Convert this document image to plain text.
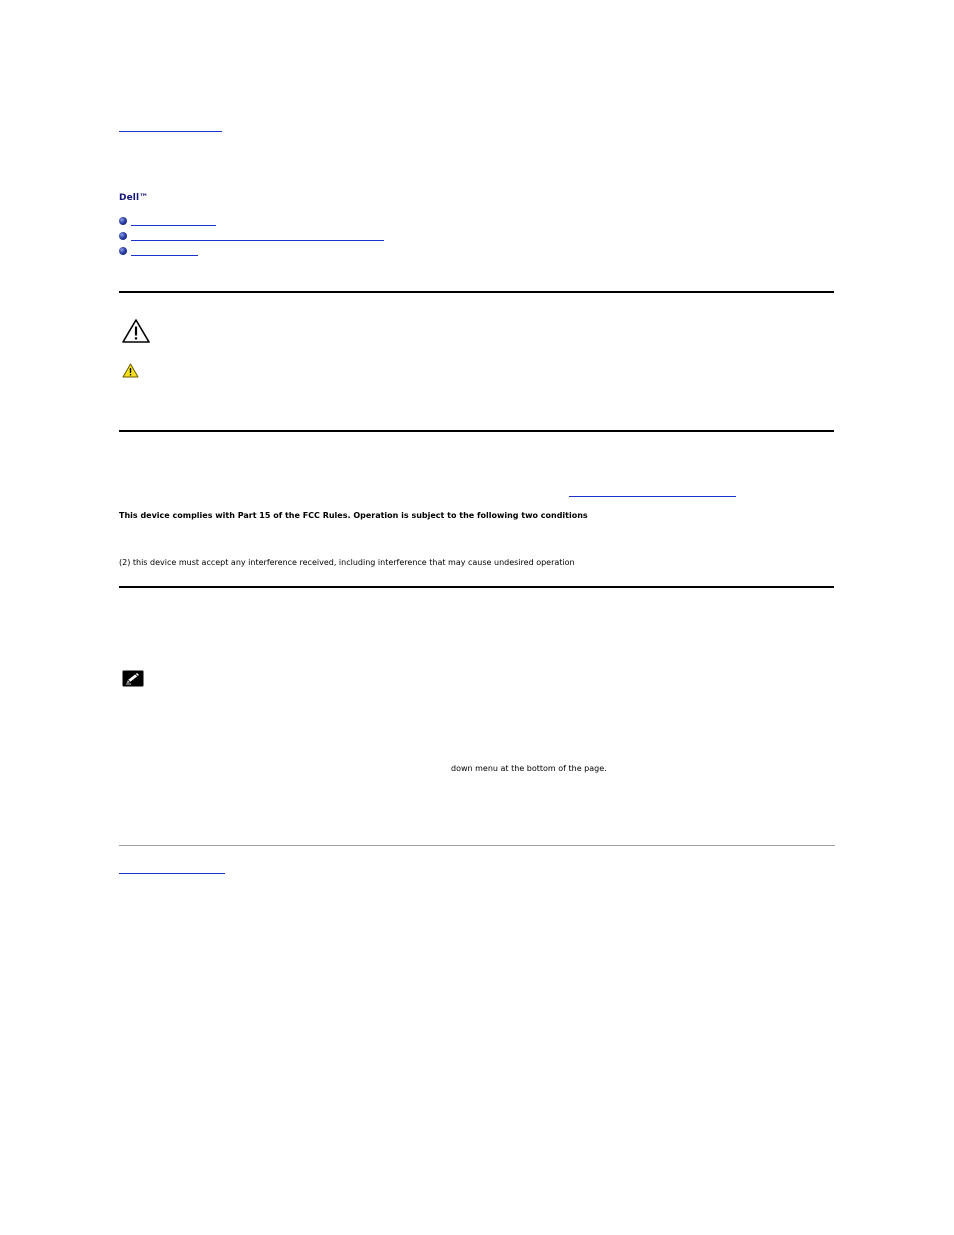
Dell™
This device complies with Part 15 of the FCC Rules. Operation is subject to the following two conditions
(2) this device must accept any interference received, including interference that may cause undesired operation
down menu at the bottom of the page.
